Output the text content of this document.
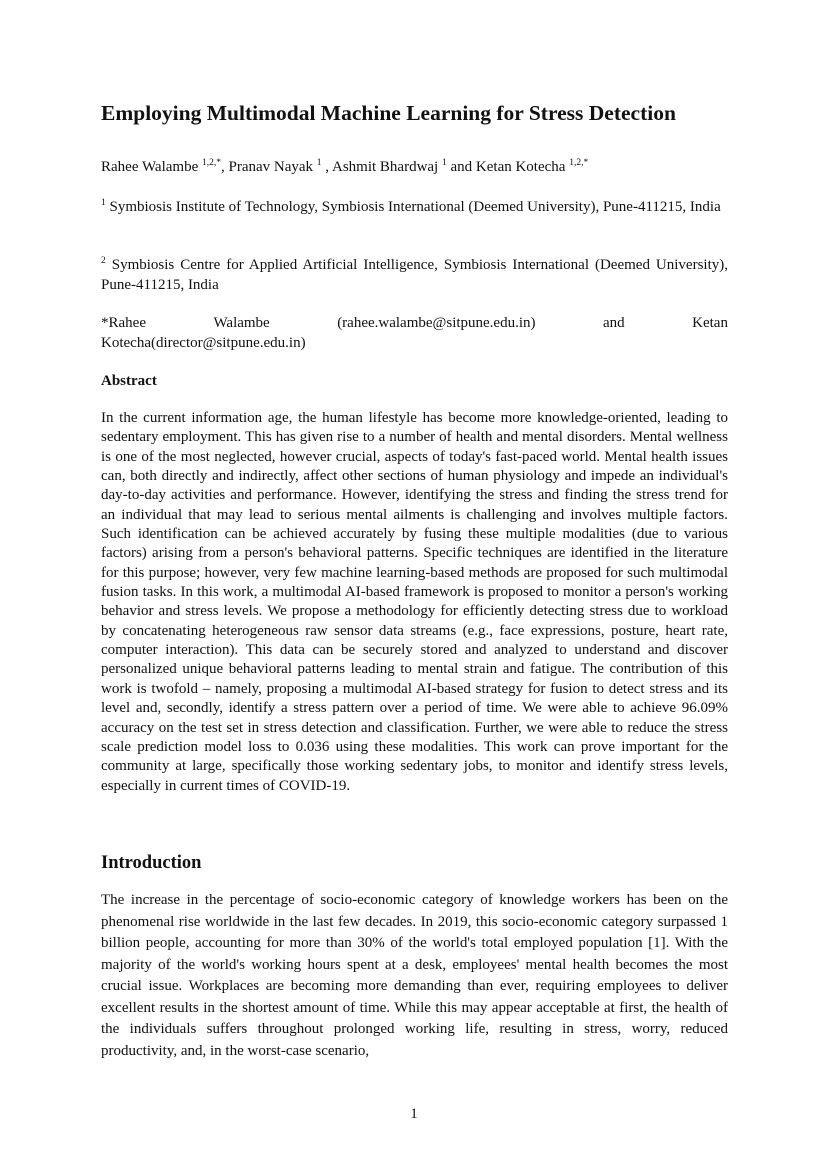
Employing Multimodal Machine Learning for Stress Detection
Rahee Walambe $^{1,2,*}$, Pranav Nayak $^1$ , Ashmit Bhardwaj $^1$ and Ketan Kotecha $^{1,2,*}$
$^1$ Symbiosis Institute of Technology, Symbiosis International (Deemed University), Pune-411215, India
$^2$ Symbiosis Centre for Applied Artificial Intelligence, Symbiosis International (Deemed University), Pune-411215, India
*Rahee	Walambe	(rahee.walambe@sitpune.edu.in)	and	Ketan
Kotecha(director@sitpune.edu.in)
Abstract

In the current information age, the human lifestyle has become more knowledge-oriented, leading to sedentary employment. This has given rise to a number of health and mental disorders. Mental wellness is one of the most neglected, however crucial, aspects of today's fast-paced world. Mental health issues can, both directly and indirectly, affect other sections of human physiology and impede an individual's day-to-day activities and performance. However, identifying the stress and finding the stress trend for an individual that may lead to serious mental ailments is challenging and involves multiple factors. Such identification can be achieved accurately by fusing these multiple modalities (due to various factors) arising from a person's behavioral patterns. Specific techniques are identified in the literature for this purpose; however, very few machine learning-based methods are proposed for such multimodal fusion tasks. In this work, a multimodal AI-based framework is proposed to monitor a person's working behavior and stress levels. We propose a methodology for efficiently detecting stress due to workload by concatenating heterogeneous raw sensor data streams (e.g., face expressions, posture, heart rate, computer interaction). This data can be securely stored and analyzed to understand and discover personalized unique behavioral patterns leading to mental strain and fatigue. The contribution of this work is twofold – namely, proposing a multimodal AI-based strategy for fusion to detect stress and its level and, secondly, identify a stress pattern over a period of time. We were able to achieve 96.09% accuracy on the test set in stress detection and classification. Further, we were able to reduce the stress scale prediction model loss to 0.036 using these modalities. This work can prove important for the community at large, specifically those working sedentary jobs, to monitor and identify stress levels, especially in current times of COVID-19.

Introduction

The increase in the percentage of socio-economic category of knowledge workers has been on the phenomenal rise worldwide in the last few decades. In 2019, this socio-economic category surpassed 1 billion people, accounting for more than 30% of the world's total employed population [1]. With the majority of the world's working hours spent at a desk, employees' mental health becomes the most crucial issue. Workplaces are becoming more demanding than ever, requiring employees to deliver excellent results in the shortest amount of time. While this may appear acceptable at first, the health of the individuals suffers throughout prolonged working life, resulting in stress, worry, reduced productivity, and, in the worst-case scenario,

1
